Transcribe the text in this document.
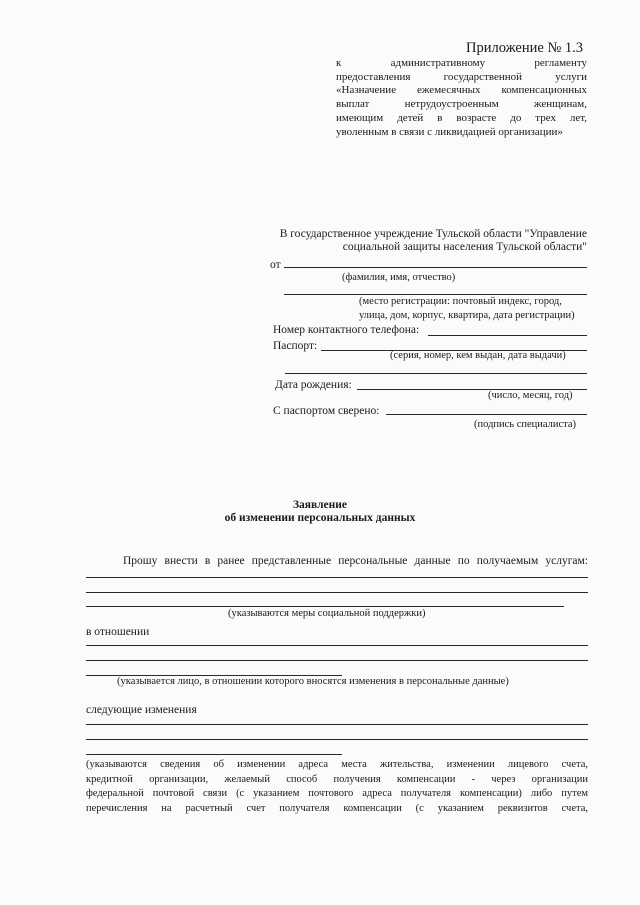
Приложение № 1.3
к административному регламенту
предоставления государственной услуги
«Назначение ежемесячных компенсационных
выплат нетрудоустроенным женщинам,
имеющим детей в возрасте до трех лет,
уволенным в связи с ликвидацией организации»
В государственное учреждение Тульской области "Управление
социальной защиты населения Тульской области"
от
(фамилия, имя, отчество)
(место регистрации: почтовый индекс, город,
улица, дом, корпус, квартира, дата регистрации)
Номер контактного телефона:
Паспорт:
(серия, номер, кем выдан, дата выдачи)
Дата рождения:
(число, месяц, год)
С паспортом сверено:
(подпись специалиста)
Заявление
об изменении персональных данных
Прошу внести в ранее представленные персональные данные по получаемым услугам:
(указываются меры социальной поддержки)
в отношении
(указывается лицо, в отношении которого вносятся изменения в персональные данные)
следующие изменения
(указываются сведения об изменении адреса места жительства, изменении лицевого счета,
кредитной организации, желаемый способ получения компенсации - через организации
федеральной почтовой связи (с указанием почтового адреса получателя компенсации) либо путем
перечисления на расчетный счет получателя компенсации (с указанием реквизитов счета,
